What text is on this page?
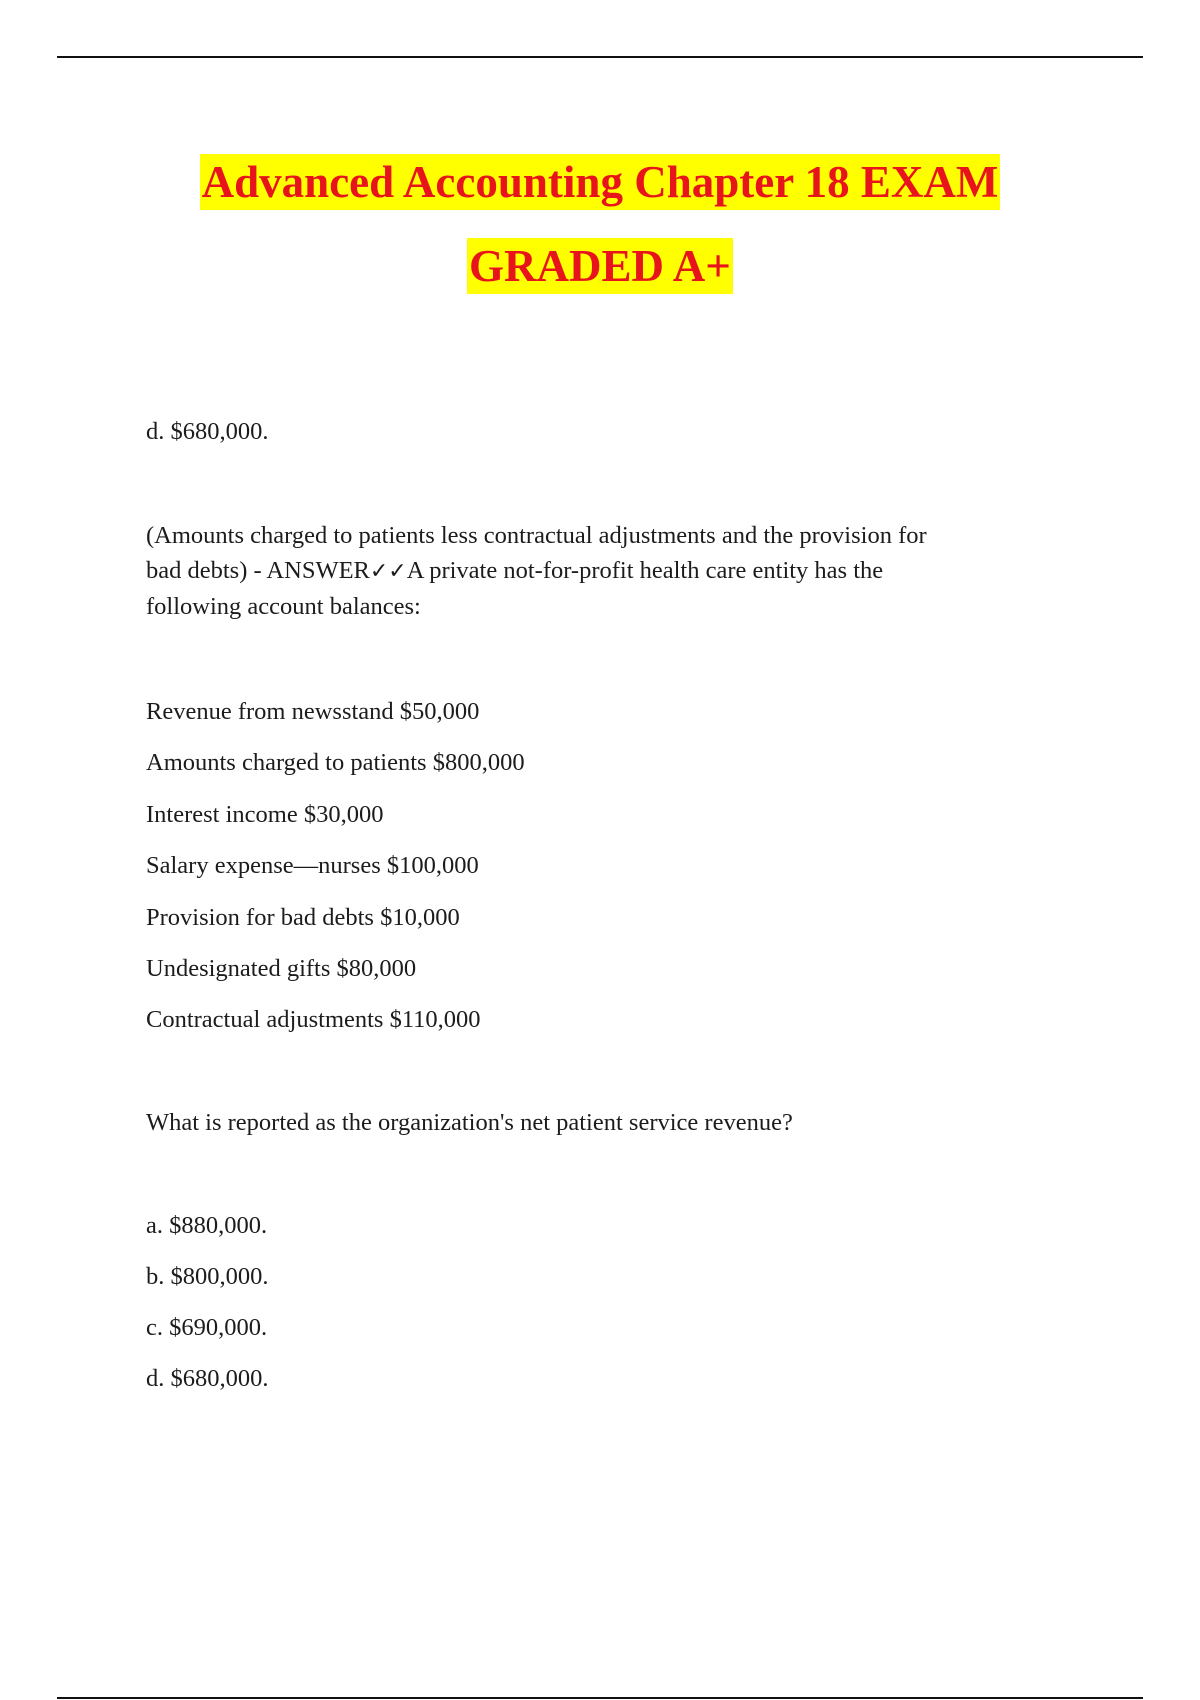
Advanced Accounting Chapter 18 EXAM
GRADED A+

d. $680,000.

(Amounts charged to patients less contractual adjustments and the provision for
bad debts) - ANSWER✓✓A private not-for-profit health care entity has the
following account balances:

Revenue from newsstand $50,000

Amounts charged to patients $800,000

Interest income $30,000

Salary expense—nurses $100,000

Provision for bad debts $10,000

Undesignated gifts $80,000

Contractual adjustments $110,000

What is reported as the organization's net patient service revenue?

a. $880,000.

b. $800,000.

c. $690,000.

d. $680,000.
